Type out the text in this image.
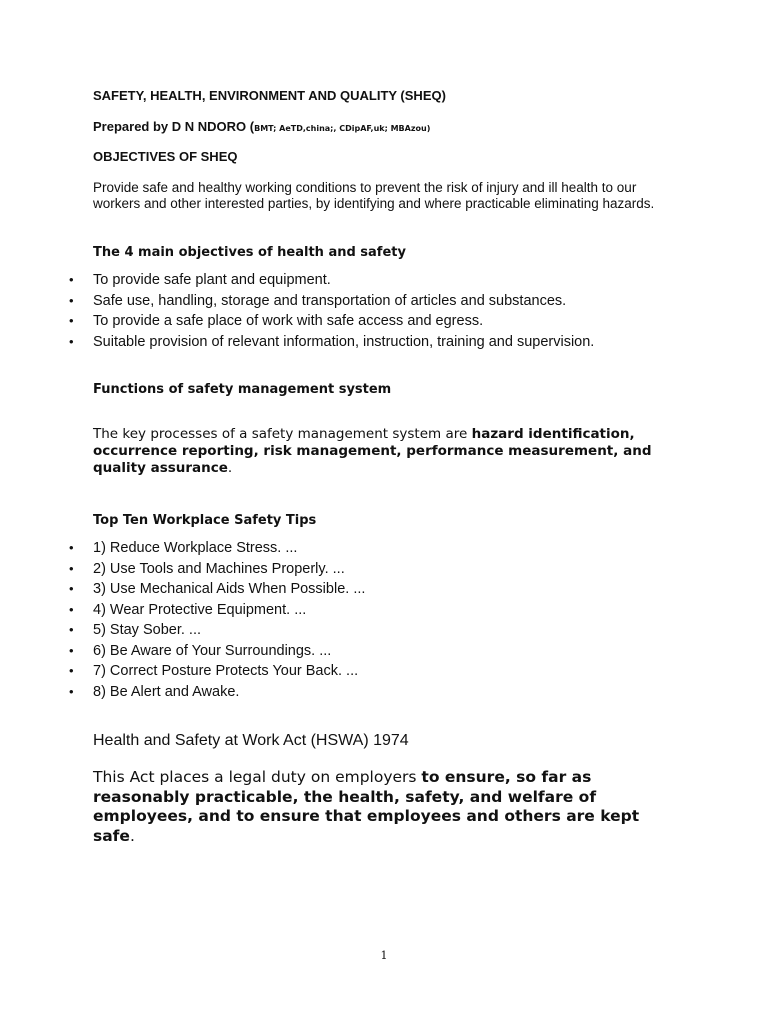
SAFETY, HEALTH, ENVIRONMENT AND QUALITY (SHEQ)

Prepared by D N NDORO (BMT; AeTD,china;, CDipAF,uk; MBAzou)

OBJECTIVES OF SHEQ

Provide safe and healthy working conditions to prevent the risk of injury and ill health to our workers and other interested parties, by identifying and where practicable eliminating hazards.

The 4 main objectives of health and safety

• To provide safe plant and equipment.
• Safe use, handling, storage and transportation of articles and substances.
• To provide a safe place of work with safe access and egress.
• Suitable provision of relevant information, instruction, training and supervision.

Functions of safety management system

The key processes of a safety management system are hazard identification, occurrence reporting, risk management, performance measurement, and quality assurance.

Top Ten Workplace Safety Tips

• 1) Reduce Workplace Stress. ...
• 2) Use Tools and Machines Properly. ...
• 3) Use Mechanical Aids When Possible. ...
• 4) Wear Protective Equipment. ...
• 5) Stay Sober. ...
• 6) Be Aware of Your Surroundings. ...
• 7) Correct Posture Protects Your Back. ...
• 8) Be Alert and Awake.

Health and Safety at Work Act (HSWA) 1974

This Act places a legal duty on employers to ensure, so far as reasonably practicable, the health, safety, and welfare of employees, and to ensure that employees and others are kept safe.

1
